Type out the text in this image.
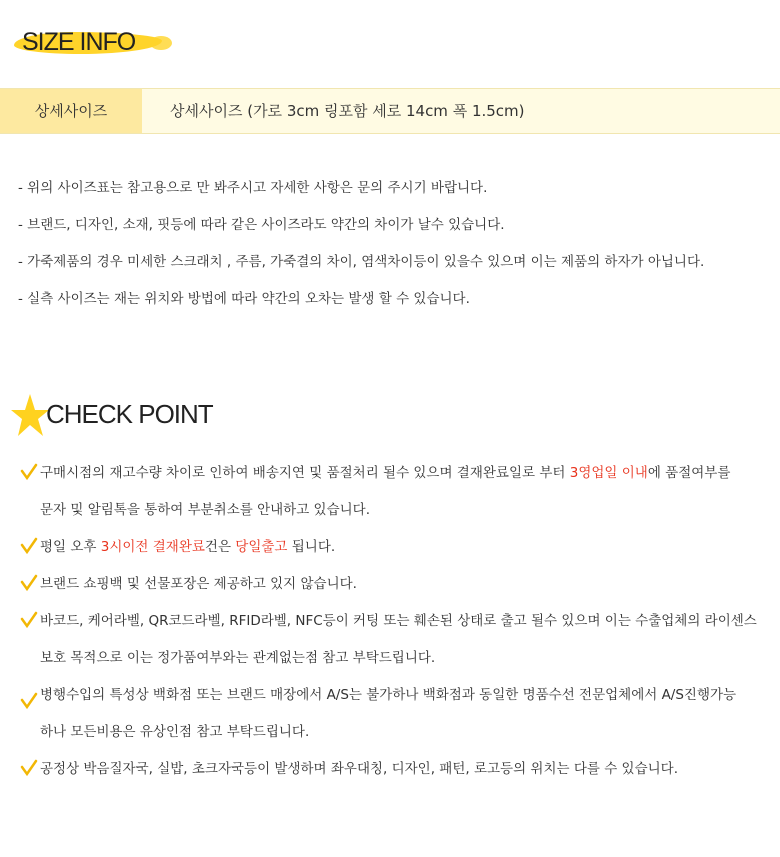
SIZE INFO
상세사이즈	상세사이즈 (가로 3cm 링포함 세로 14cm 폭 1.5cm)
- 위의 사이즈표는 참고용으로 만 봐주시고 자세한 사항은 문의 주시기 바랍니다.
- 브랜드, 디자인, 소재, 핏등에 따라 같은 사이즈라도 약간의 차이가 날수 있습니다.
- 가죽제품의 경우 미세한 스크래치 , 주름, 가죽결의 차이, 염색차이등이 있을수 있으며 이는 제품의 하자가 아닙니다.
- 실측 사이즈는 재는 위치와 방법에 따라 약간의 오차는 발생 할 수 있습니다.
CHECK POINT
구매시점의 재고수량 차이로 인하여 배송지연 및 품절처리 될수 있으며 결재완료일로 부터 3영업일 이내에 품절여부를
문자 및 알림톡을 통하여 부분취소를 안내하고 있습니다.
평일 오후 3시이전 결재완료건은 당일출고 됩니다.
브랜드 쇼핑백 및 선물포장은 제공하고 있지 않습니다.
바코드, 케어라벨, QR코드라벨, RFID라벨, NFC등이 커팅 또는 훼손된 상태로 출고 될수 있으며 이는 수출업체의 라이센스
보호 목적으로 이는 정가품여부와는 관계없는점 참고 부탁드립니다.
병행수입의 특성상 백화점 또는 브랜드 매장에서 A/S는 불가하나 백화점과 동일한 명품수선 전문업체에서 A/S진행가능
하나 모든비용은 유상인점 참고 부탁드립니다.
공정상 박음질자국, 실밥, 초크자국등이 발생하며 좌우대칭, 디자인, 패턴, 로고등의 위치는 다를 수 있습니다.
